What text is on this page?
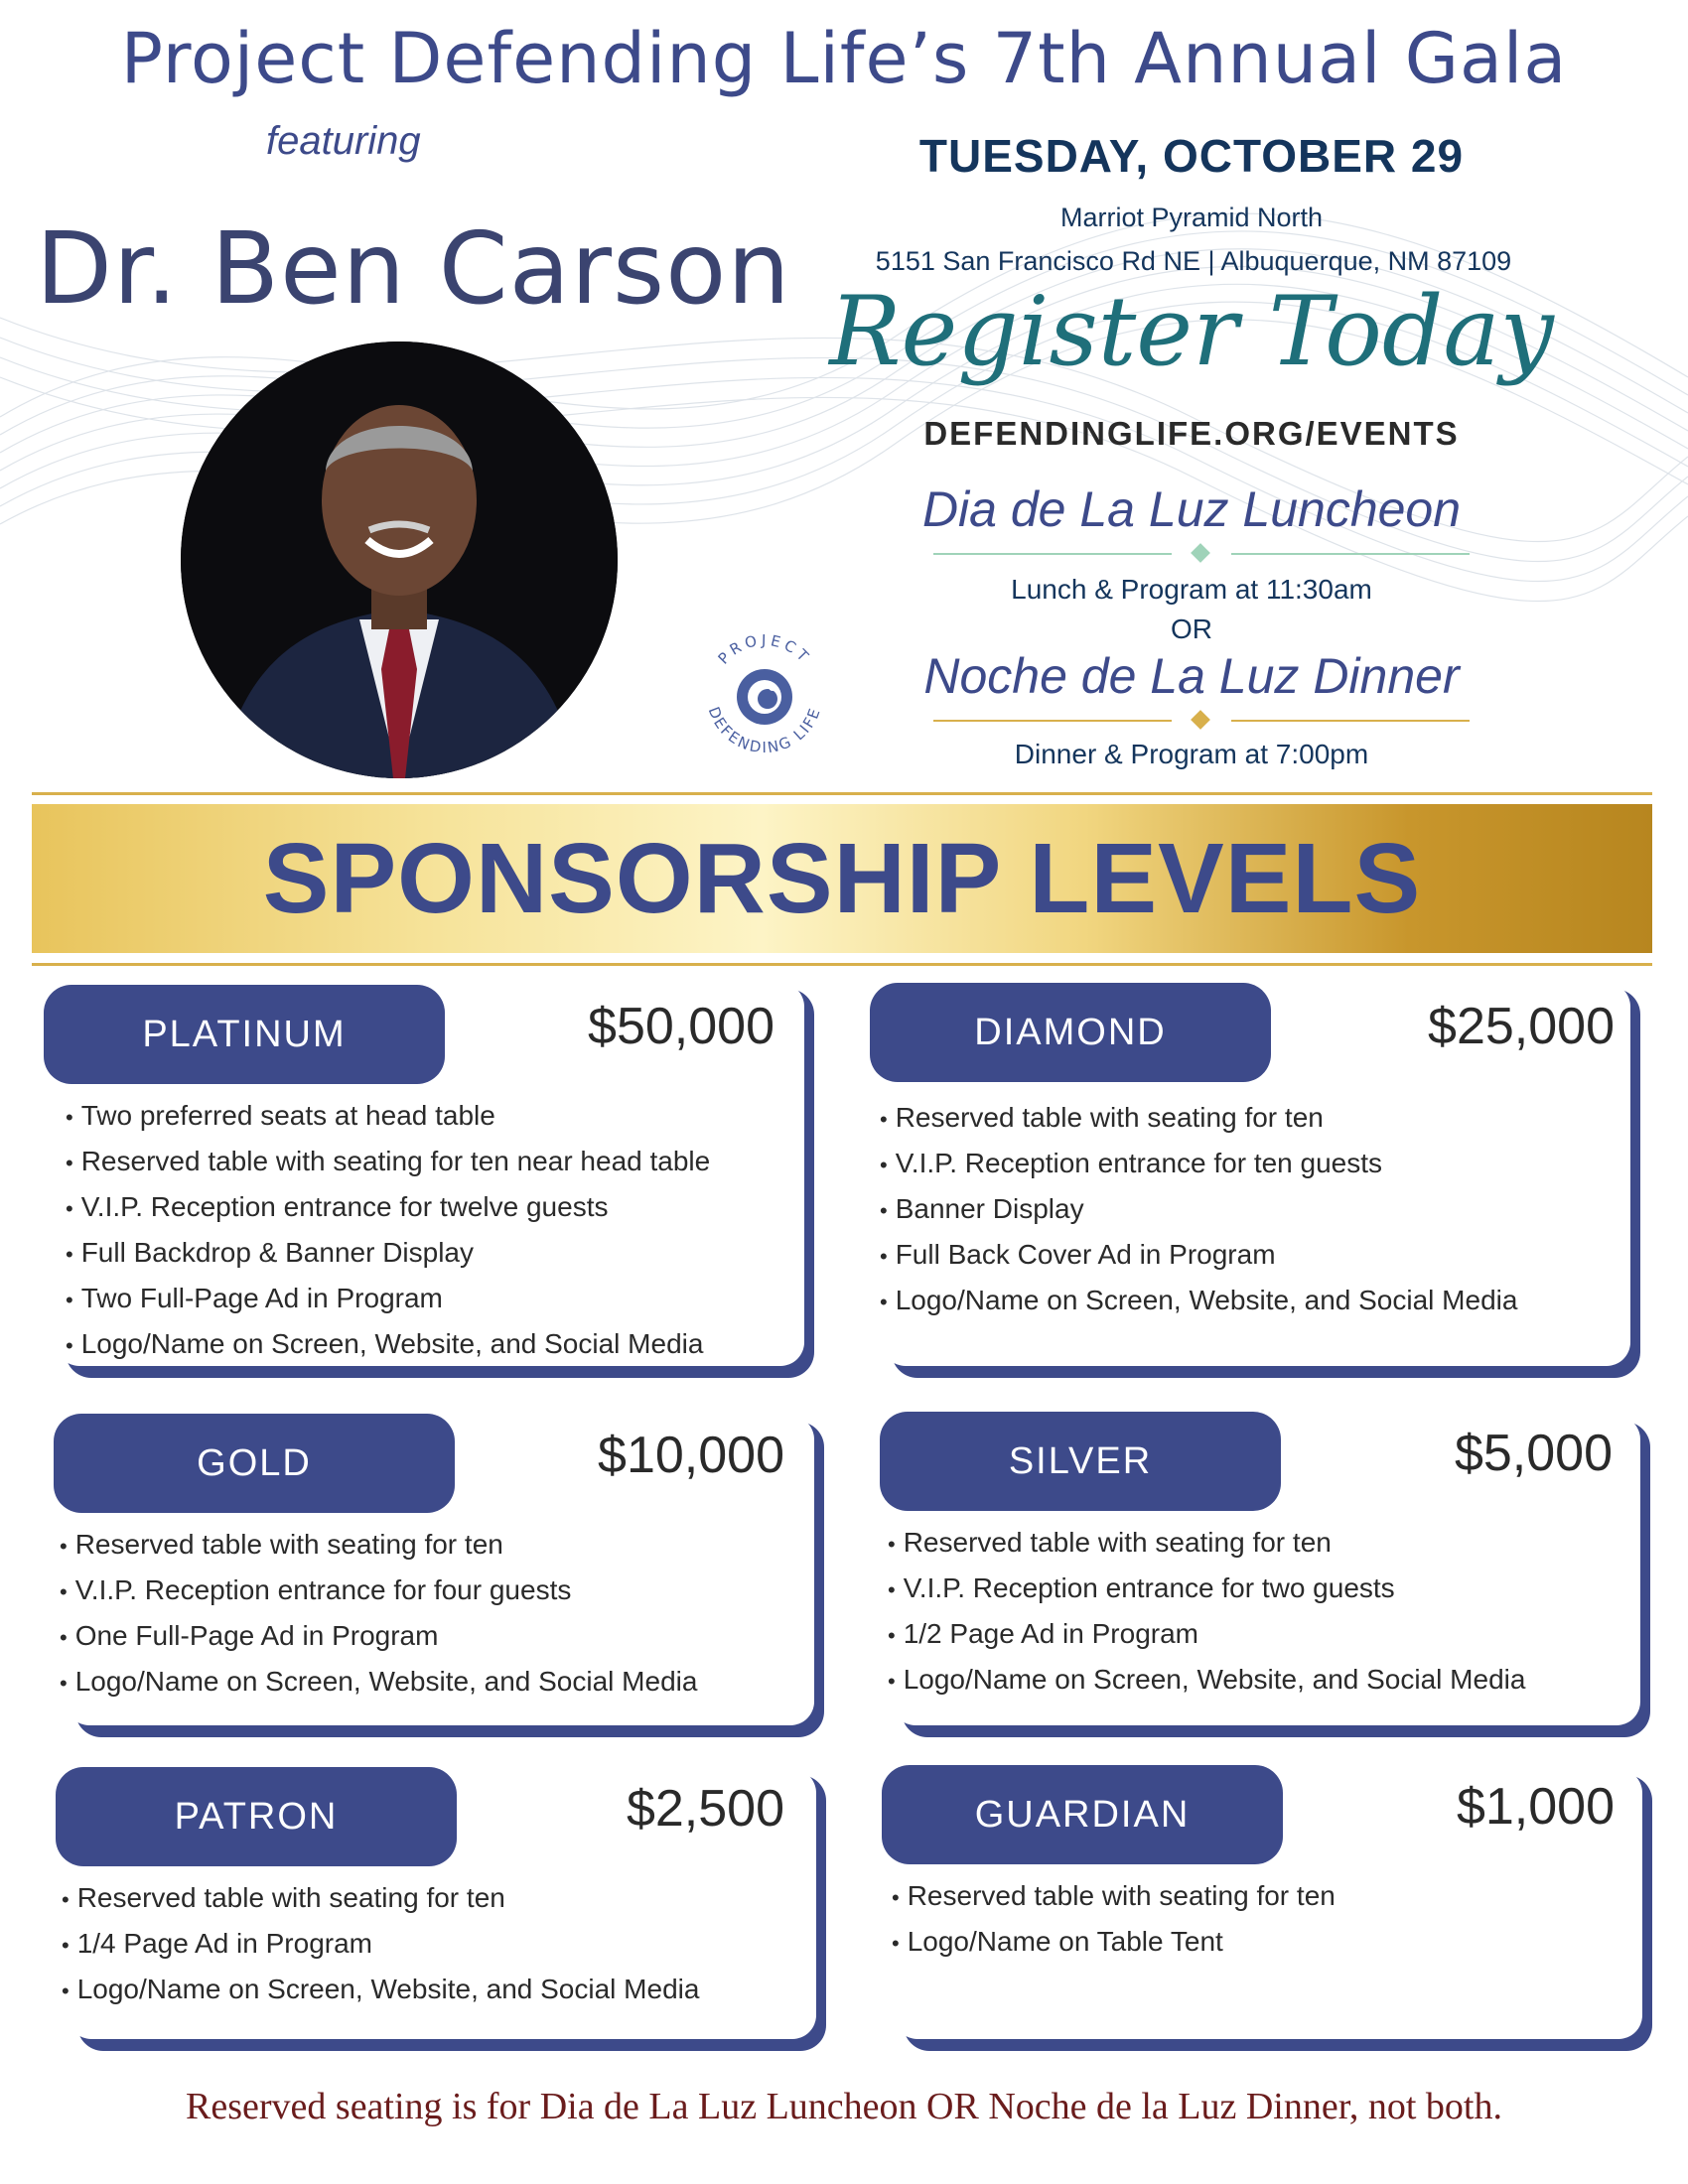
Project Defending Life’s 7th Annual Gala
featuring
Dr. Ben Carson
TUESDAY, OCTOBER 29
Marriot Pyramid North
5151 San Francisco Rd NE | Albuquerque, NM 87109
Register Today
DEFENDINGLIFE.ORG/EVENTS
Dia de La Luz Luncheon
Lunch & Program at 11:30am
OR
Noche de La Luz Dinner
Dinner & Program at 7:00pm
PROJECT
DEFENDING LIFE
SPONSORSHIP LEVELS
PLATINUM	$50,000
• Two preferred seats at head table
• Reserved table with seating for ten near head table
• V.I.P. Reception entrance for twelve guests
• Full Backdrop & Banner Display
• Two Full-Page Ad in Program
• Logo/Name on Screen, Website, and Social Media
DIAMOND	$25,000
• Reserved table with seating for ten
• V.I.P. Reception entrance for ten guests
• Banner Display
• Full Back Cover Ad in Program
• Logo/Name on Screen, Website, and Social Media
GOLD	$10,000
• Reserved table with seating for ten
• V.I.P. Reception entrance for four guests
• One Full-Page Ad in Program
• Logo/Name on Screen, Website, and Social Media
SILVER	$5,000
• Reserved table with seating for ten
• V.I.P. Reception entrance for two guests
• 1/2 Page Ad in Program
• Logo/Name on Screen, Website, and Social Media
PATRON	$2,500
• Reserved table with seating for ten
• 1/4 Page Ad in Program
• Logo/Name on Screen, Website, and Social Media
GUARDIAN	$1,000
• Reserved table with seating for ten
• Logo/Name on Table Tent
Reserved seating is for Dia de La Luz Luncheon OR Noche de la Luz Dinner, not both.
